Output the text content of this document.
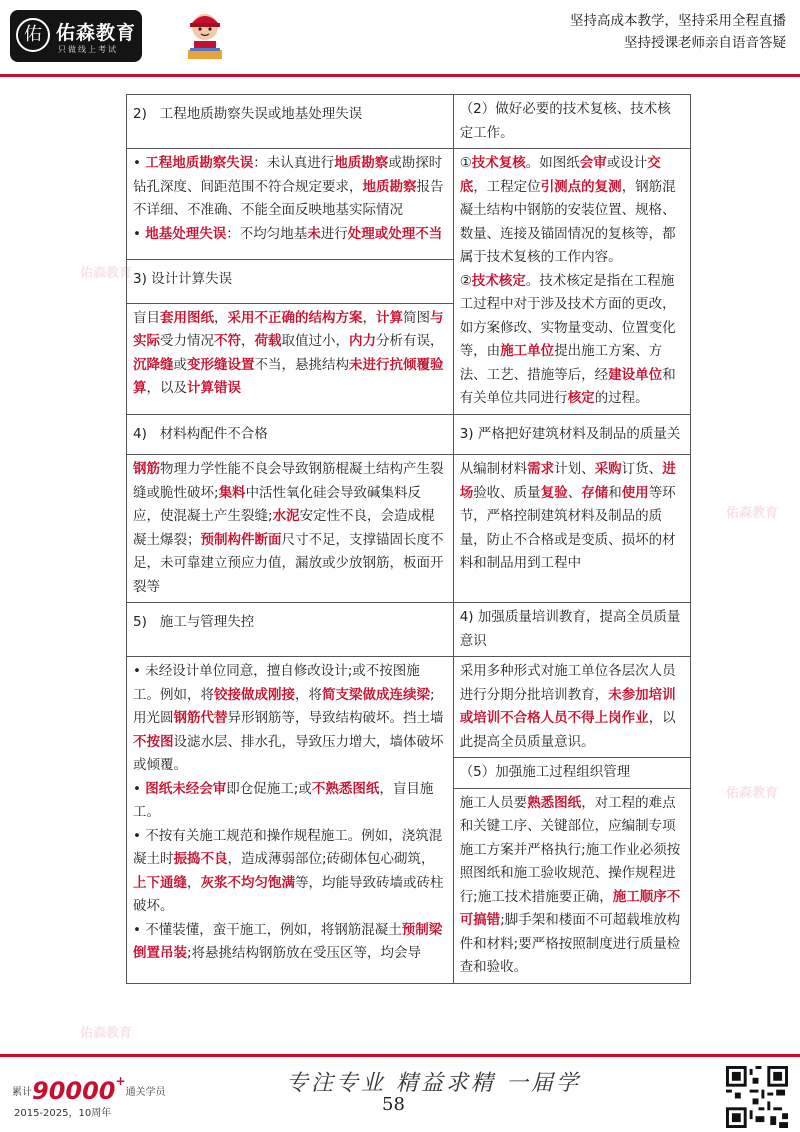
佑 佑森教育
只做线上考试
坚持高成本教学，坚持采用全程直播
坚持授课老师亲自语音答疑
佑森教育
佑森教育
佑森教育
佑森教育
2)   工程地质勘察失误或地基处理失误	（2）做好必要的技术复核、技术核定工作。
• 工程地质勘察失误：未认真进行地质勘察或勘探时钻孔深度、间距范围不符合规定要求，地质勘察报告不详细、不准确、不能全面反映地基实际情况
• 地基处理失误：不均匀地基未进行处理或处理不当	①技术复核。如图纸会审或设计交底，工程定位引测点的复测，钢筋混凝土结构中钢筋的安装位置、规格、数量、连接及锚固情况的复核等，都属于技术复核的工作内容。
②技术核定。技术核定是指在工程施工过程中对于涉及技术方面的更改，如方案修改、实物量变动、位置变化等，由施工单位提出施工方案、方法、工艺、措施等后，经建设单位和有关单位共同进行核定的过程。
3) 设计计算失误	
盲目套用图纸，采用不正确的结构方案，计算简图与实际受力情况不符，荷载取值过小，内力分析有误，沉降缝或变形缝设置不当，悬挑结构未进行抗倾覆验算，以及计算错误	
4)   材料构配件不合格	3) 严格把好建筑材料及制品的质量关
钢筋物理力学性能不良会导致钢筋棍凝土结构产生裂缝或脆性破坏;集料中活性氧化硅会导致碱集料反应，使混凝土产生裂缝;水泥安定性不良，会造成棍凝土爆裂；预制构件断面尺寸不足，支撑锚固长度不足，未可靠建立预应力值，漏放或少放钢筋，板面开裂等	从编制材料需求计划、采购订货、进场验收、质量复验、存储和使用等环节，严格控制建筑材料及制品的质量，防止不合格或是变质、损坏的材料和制品用到工程中
5)   施工与管理失控	4) 加强质量培训教育，提高全员质量意识
• 未经设计单位同意，擅自修改设计;或不按图施工。例如，将铰接做成刚接，将简支梁做成连续梁;用光圆钢筋代替异形钢筋等，导致结构破坏。挡土墙不按图设滤水层、排水孔，导致压力增大，墙体破坏或倾覆。
• 图纸未经会审即仓促施工;或不熟悉图纸，盲目施工。
• 不按有关施工规范和操作规程施工。例如，浇筑混凝土时振捣不良，造成薄弱部位;砖砌体包心砌筑，上下通缝，灰浆不均匀饱满等，均能导致砖墙或砖柱破坏。
• 不懂装懂，蛮干施工，例如，将钢筋混凝土预制梁倒置吊装;将悬挑结构钢筋放在受压区等，均会导	采用多种形式对施工单位各层次人员进行分期分批培训教育，未参加培训或培训不合格人员不得上岗作业，以此提高全员质量意识。
	（5）加强施工过程组织管理
	施工人员要熟悉图纸，对工程的难点和关键工序、关键部位，应编制专项施工方案并严格执行;施工作业必须按照图纸和施工验收规范、操作规程进行;施工技术措施要正确，施工顺序不可搞错;脚手架和楼面不可超载堆放构件和材料;要严格按照制度进行质量检查和验收。
累计90000+通关学员
2015-2025，10周年
专注专业 精益求精 一届学
58
